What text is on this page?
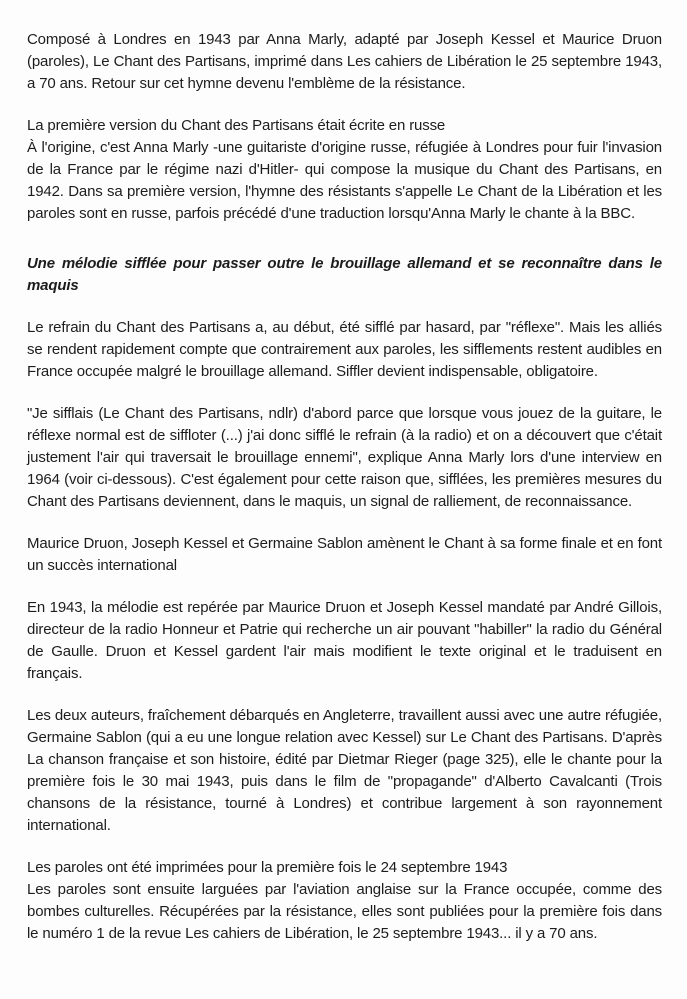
Composé à Londres en 1943 par Anna Marly, adapté par Joseph Kessel et Maurice Druon (paroles), Le Chant des Partisans, imprimé dans Les cahiers de Libération le 25 septembre 1943, a 70 ans. Retour sur cet hymne devenu l'emblème de la résistance.

La première version du Chant des Partisans était écrite en russe
À l'origine, c'est Anna Marly -une guitariste d'origine russe, réfugiée à Londres pour fuir l'invasion de la France par le régime nazi d'Hitler- qui compose la musique du Chant des Partisans, en 1942. Dans sa première version, l'hymne des résistants s'appelle Le Chant de la Libération et les paroles sont en russe, parfois précédé d'une traduction lorsqu'Anna Marly le chante à la BBC.
Une mélodie sifflée pour passer outre le brouillage allemand et se reconnaître dans le maquis

Le refrain du Chant des Partisans a, au début, été sifflé par hasard, par "réflexe". Mais les alliés se rendent rapidement compte que contrairement aux paroles, les sifflements restent audibles en France occupée malgré le brouillage allemand. Siffler devient indispensable, obligatoire.

"Je sifflais (Le Chant des Partisans, ndlr) d'abord parce que lorsque vous jouez de la guitare, le réflexe normal est de siffloter (...) j'ai donc sifflé le refrain (à la radio) et on a découvert que c'était justement l'air qui traversait le brouillage ennemi", explique Anna Marly lors d'une interview en 1964 (voir ci-dessous). C'est également pour cette raison que, sifflées, les premières mesures du Chant des Partisans deviennent, dans le maquis, un signal de ralliement, de reconnaissance.

Maurice Druon, Joseph Kessel et Germaine Sablon amènent le Chant à sa forme finale et en font un succès international

En 1943, la mélodie est repérée par Maurice Druon et Joseph Kessel mandaté par André Gillois, directeur de la radio Honneur et Patrie qui recherche un air pouvant "habiller" la radio du Général de Gaulle. Druon et Kessel gardent l'air mais modifient le texte original et le traduisent en français.

Les deux auteurs, fraîchement débarqués en Angleterre, travaillent aussi avec une autre réfugiée, Germaine Sablon (qui a eu une longue relation avec Kessel) sur Le Chant des Partisans. D'après La chanson française et son histoire, édité par Dietmar Rieger (page 325), elle le chante pour la première fois le 30 mai 1943, puis dans le film de "propagande" d'Alberto Cavalcanti (Trois chansons de la résistance, tourné à Londres) et contribue largement à son rayonnement international.

Les paroles ont été imprimées pour la première fois le 24 septembre 1943
Les paroles sont ensuite larguées par l'aviation anglaise sur la France occupée, comme des bombes culturelles. Récupérées par la résistance, elles sont publiées pour la première fois dans le numéro 1 de la revue Les cahiers de Libération, le 25 septembre 1943... il y a 70 ans.
